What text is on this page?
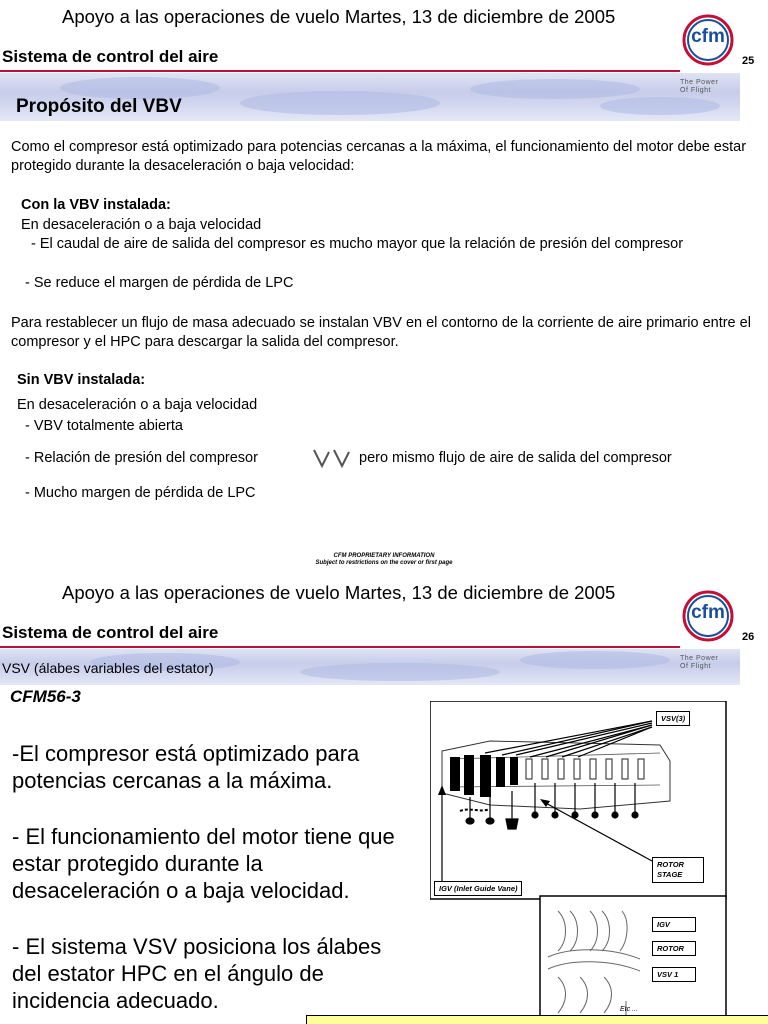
Apoyo a las operaciones de vuelo Martes, 13 de diciembre de 2005
Sistema de control del aire
cfm
25
The Power
Of Flight
Propósito del VBV
Como el compresor está optimizado para potencias cercanas a la máxima, el funcionamiento del motor debe estar protegido durante la desaceleración o baja velocidad:
Con la VBV instalada:
En desaceleración o a baja velocidad
- El caudal de aire de salida del compresor es mucho mayor que la relación de presión del compresor
- Se reduce el margen de pérdida de LPC
Para restablecer un flujo de masa adecuado se instalan VBV en el contorno de la corriente de aire primario entre el compresor y el HPC para descargar la salida del compresor.
Sin VBV instalada:
En desaceleración o a baja velocidad
- VBV totalmente abierta
- Relación de presión del compresor	pero mismo flujo de aire de salida del compresor
- Mucho margen de pérdida de LPC
CFM PROPRIETARY INFORMATION
Subject to restrictions on the cover or first page
Apoyo a las operaciones de vuelo Martes, 13 de diciembre de 2005
Sistema de control del aire
cfm
26
The Power
Of Flight
VSV (álabes variables del estator)
CFM56-3
-El compresor está optimizado para potencias cercanas a la máxima.
- El funcionamiento del motor tiene que estar protegido durante la desaceleración o a baja velocidad.
- El sistema VSV posiciona los álabes del estator HPC en el ángulo de incidencia adecuado.
VSV(3)
ROTOR STAGE
IGV (Inlet Guide Vane)
IGV
ROTOR
VSV 1
Etc ...
